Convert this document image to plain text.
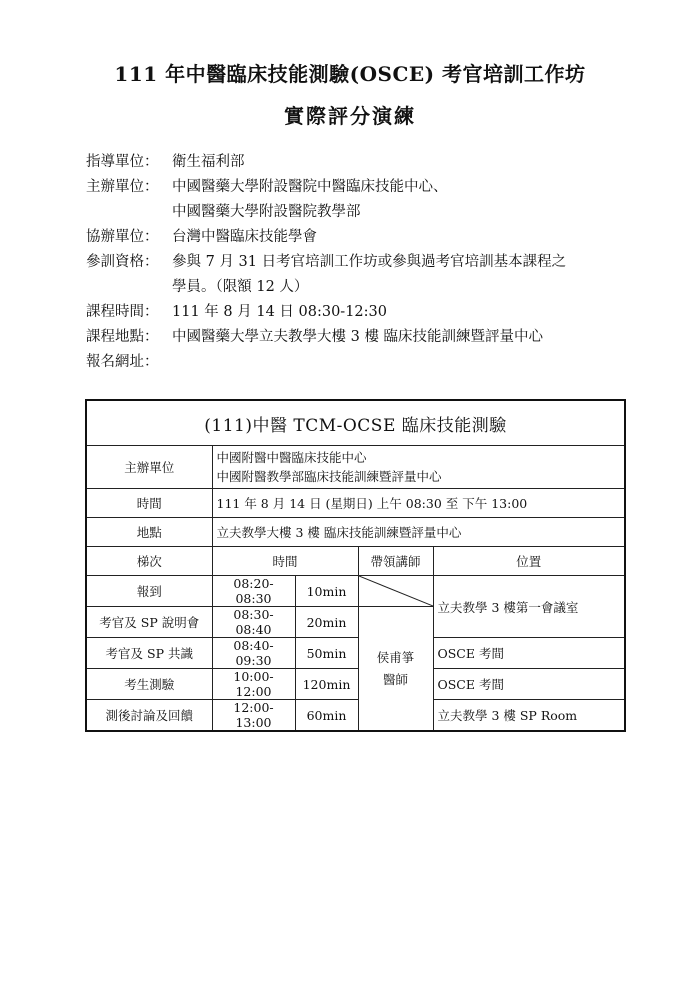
111 年中醫臨床技能測驗(OSCE) 考官培訓工作坊
實際評分演練
指導單位： 衛生福利部
主辦單位： 中國醫藥大學附設醫院中醫臨床技能中心、
中國醫藥大學附設醫院教學部
協辦單位： 台灣中醫臨床技能學會
參訓資格： 參與 7 月 31 日考官培訓工作坊或參與過考官培訓基本課程之
學員。（限額 12 人）
課程時間： 111 年 8 月 14 日 08:30-12:30
課程地點： 中國醫藥大學立夫教學大樓 3 樓 臨床技能訓練暨評量中心
報名網址：
(111)中醫 TCM-OCSE 臨床技能測驗				
主辦單位	中國附醫中醫臨床技能中心
中國附醫教學部臨床技能訓練暨評量中心			

時間	111 年 8 月 14 日 (星期日) 上午 08:30 至 下午 13:00			
地點	立夫教學大樓 3 樓 臨床技能訓練暨評量中心			
梯次	時間		帶領講師	位置
報到	08:20-08:30	10min		立夫教學 3 樓第一會議室
考官及 SP 說明會	08:30-08:40	20min	侯甫箏
醫師	

考官及 SP 共識	08:40-09:30	50min		OSCE 考間
考生測驗	10:00-12:00	120min		OSCE 考間
測後討論及回饋	12:00-13:00	60min		立夫教學 3 樓 SP Room
